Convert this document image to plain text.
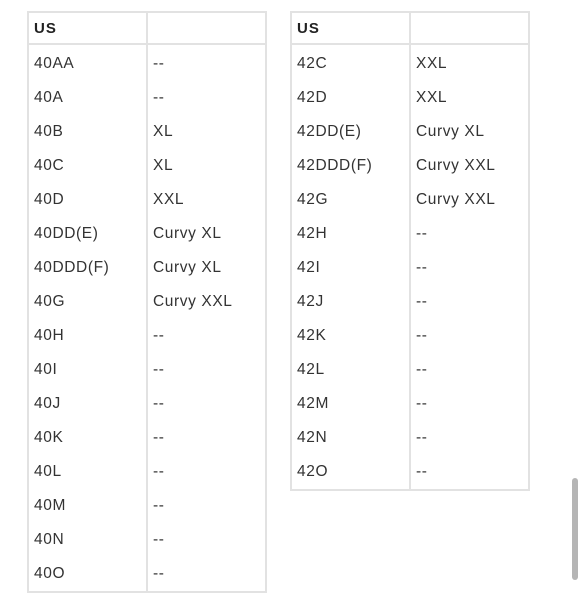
US	
40AA	--
40A	--
40B	XL
40C	XL
40D	XXL
40DD(E)	Curvy XL
40DDD(F)	Curvy XL
40G	Curvy XXL
40H	--
40I	--
40J	--
40K	--
40L	--
40M	--
40N	--
40O	--
US	
42C	XXL
42D	XXL
42DD(E)	Curvy XL
42DDD(F)	Curvy XXL
42G	Curvy XXL
42H	--
42I	--
42J	--
42K	--
42L	--
42M	--
42N	--
42O	--
